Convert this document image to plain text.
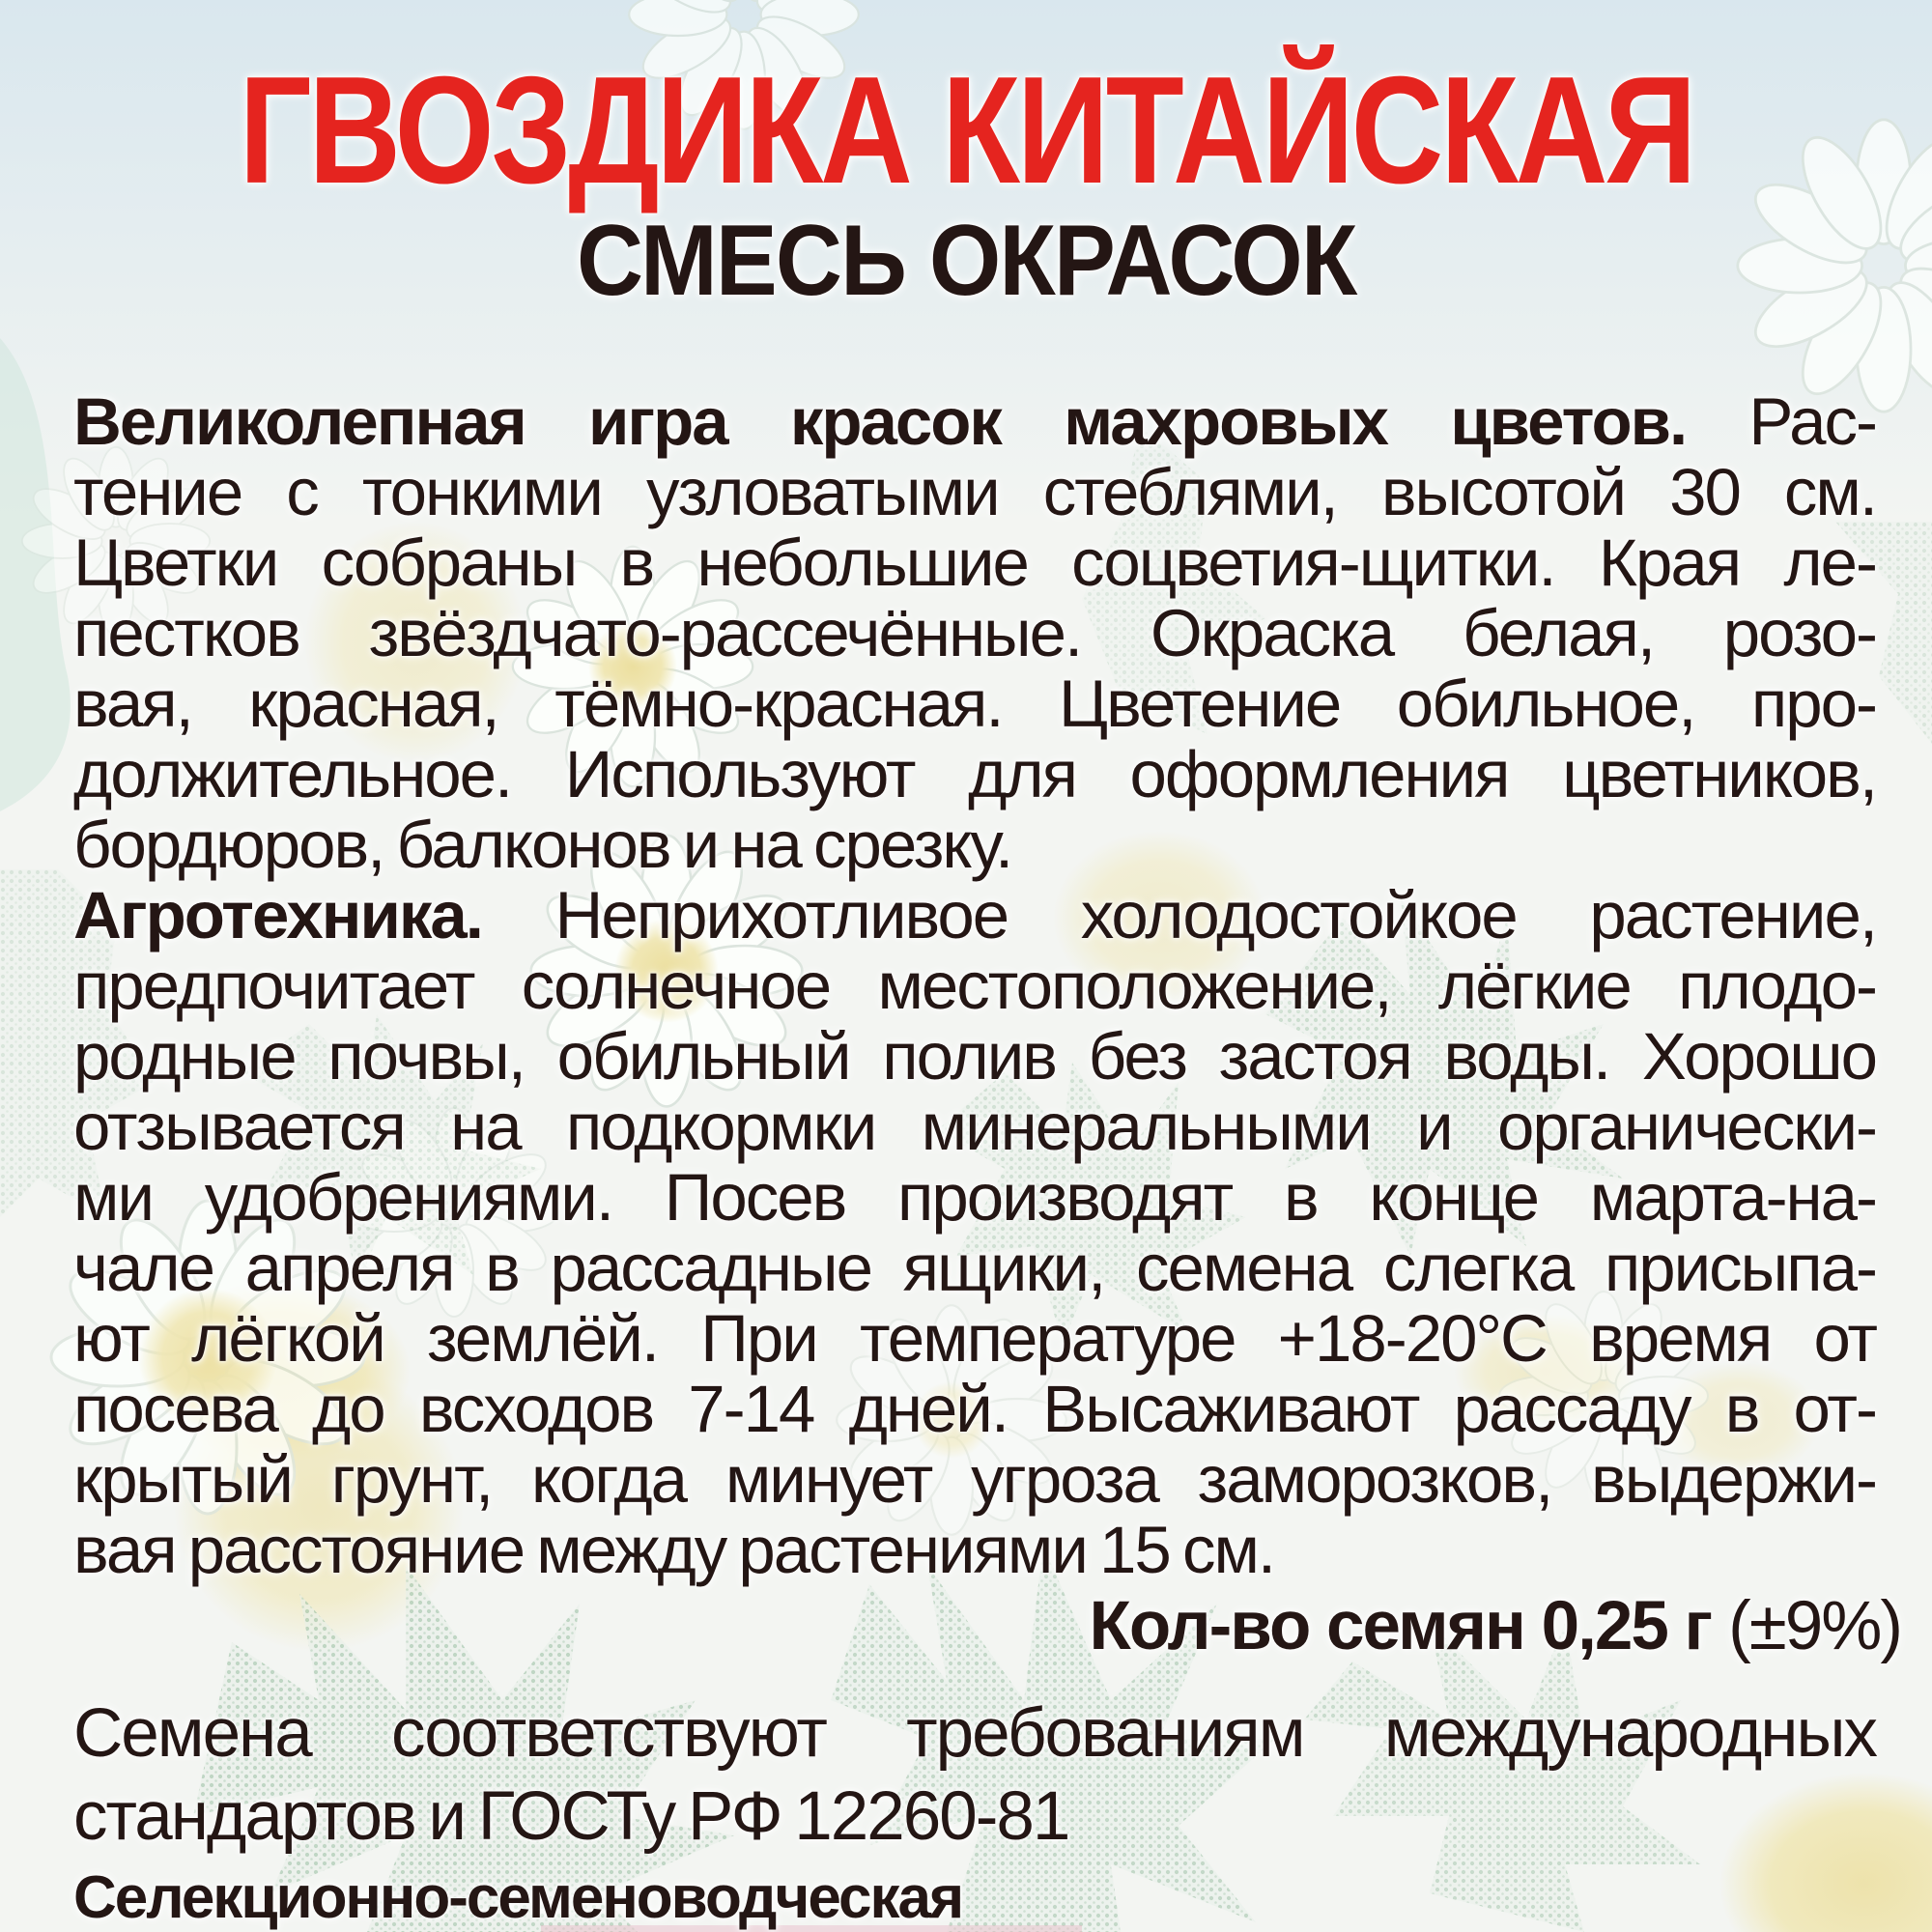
ГВОЗДИКА КИТАЙСКАЯ
СМЕСЬ ОКРАСОК
Великолепная игра красок махровых цветов. Рас-
тение с тонкими узловатыми стеблями, высотой 30 см.
Цветки собраны в небольшие соцветия-щитки. Края ле-
пестков звёздчато-рассечённые. Окраска белая, розо-
вая, красная, тёмно-красная. Цветение обильное, про-
должительное. Используют для оформления цветников,
бордюров, балконов и на срезку.
Агротехника. Неприхотливое холодостойкое растение,
предпочитает солнечное местоположение, лёгкие плодо-
родные почвы, обильный полив без застоя воды. Хорошо
отзывается на подкормки минеральными и органически-
ми удобрениями. Посев производят в конце марта-на-
чале апреля в рассадные ящики, семена слегка присыпа-
ют лёгкой землёй. При температуре +18-20°С время от
посева до всходов 7-14 дней. Высаживают рассаду в от-
крытый грунт, когда минует угроза заморозков, выдержи-
вая расстояние между растениями 15 см.
Кол-во семян 0,25 г (±9%)
Семена соответствуют требованиям международных
стандартов и ГОСТу РФ 12260-81
Селекционно-семеноводческая
